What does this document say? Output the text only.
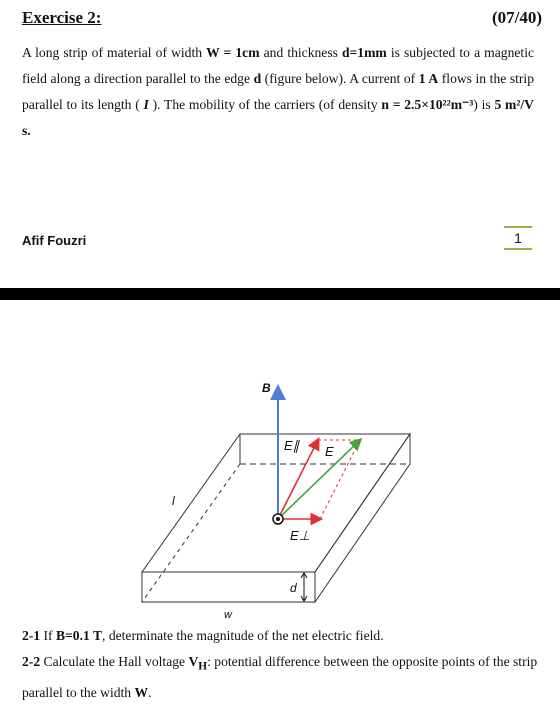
Exercise 2:	(07/40)
A long strip of material of width W = 1cm and thickness d=1mm is subjected to a magnetic field along a direction parallel to the edge d (figure below). A current of 1 A flows in the strip parallel to its length ( I ). The mobility of the carriers (of density n = 2.5×10²²m⁻³) is 5 m²/V s.
Afif Fouzri	1
B
E∥ E
E⊥
l
d
w
2-1 If B=0.1 T, determinate the magnitude of the net electric field.
2-2 Calculate the Hall voltage $V_H$: potential difference between the opposite points of the strip parallel to the width W.
